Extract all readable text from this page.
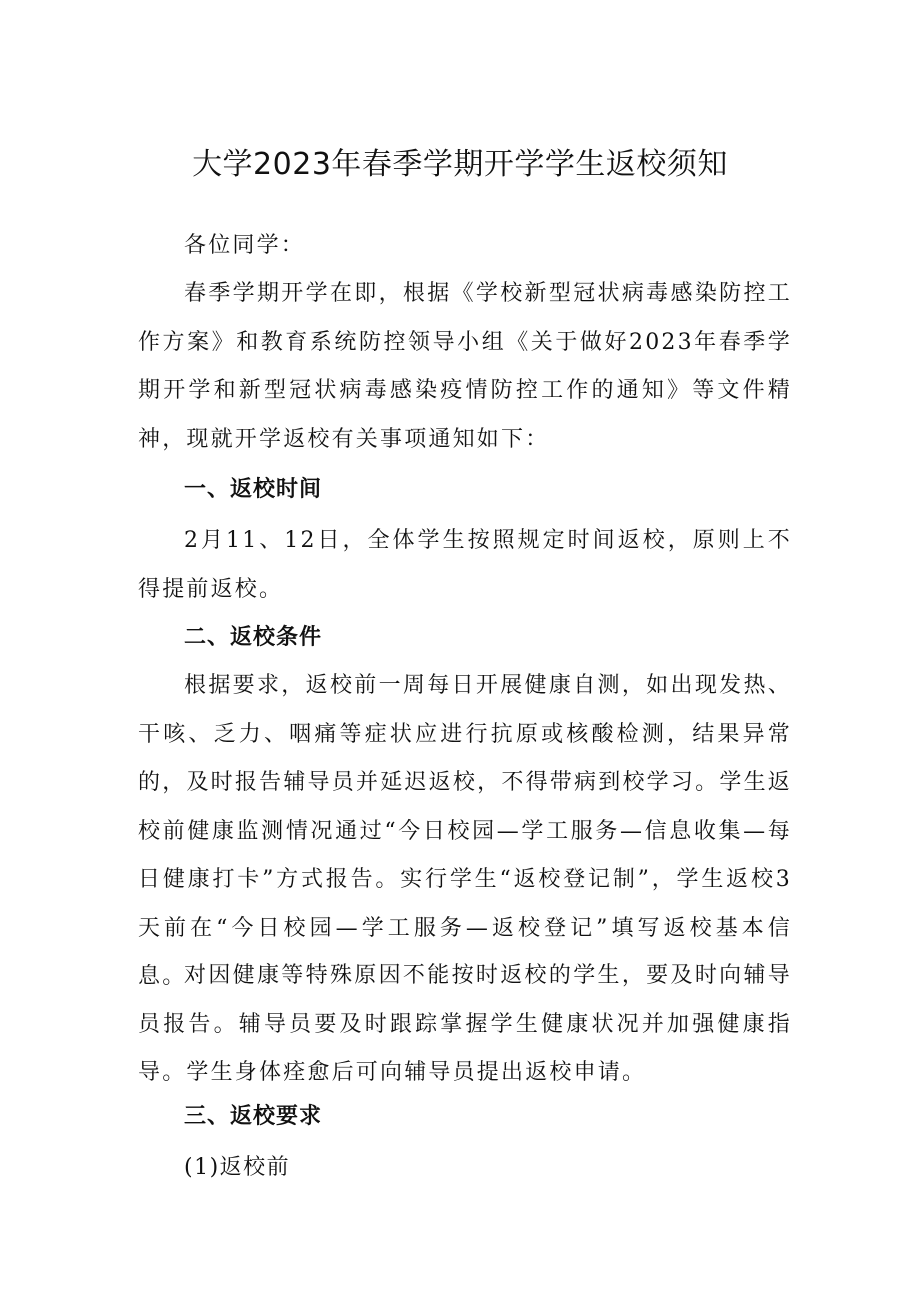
大学2023年春季学期开学学生返校须知

各位同学：

春季学期开学在即，根据《学校新型冠状病毒感染防控工作方案》和教育系统防控领导小组《关于做好2023年春季学期开学和新型冠状病毒感染疫情防控工作的通知》等文件精神，现就开学返校有关事项通知如下：

一、返校时间

2月11、12日，全体学生按照规定时间返校，原则上不得提前返校。

二、返校条件

根据要求，返校前一周每日开展健康自测，如出现发热、干咳、乏力、咽痛等症状应进行抗原或核酸检测，结果异常的，及时报告辅导员并延迟返校，不得带病到校学习。学生返校前健康监测情况通过“今日校园—学工服务—信息收集—每日健康打卡”方式报告。实行学生“返校登记制”，学生返校3天前在“今日校园—学工服务—返校登记”填写返校基本信息。

对因健康等特殊原因不能按时返校的学生，要及时向辅导员报告。辅导员要及时跟踪掌握学生健康状况并加强健康指导。学生身体痊愈后可向辅导员提出返校申请。

三、返校要求

(1)返校前
